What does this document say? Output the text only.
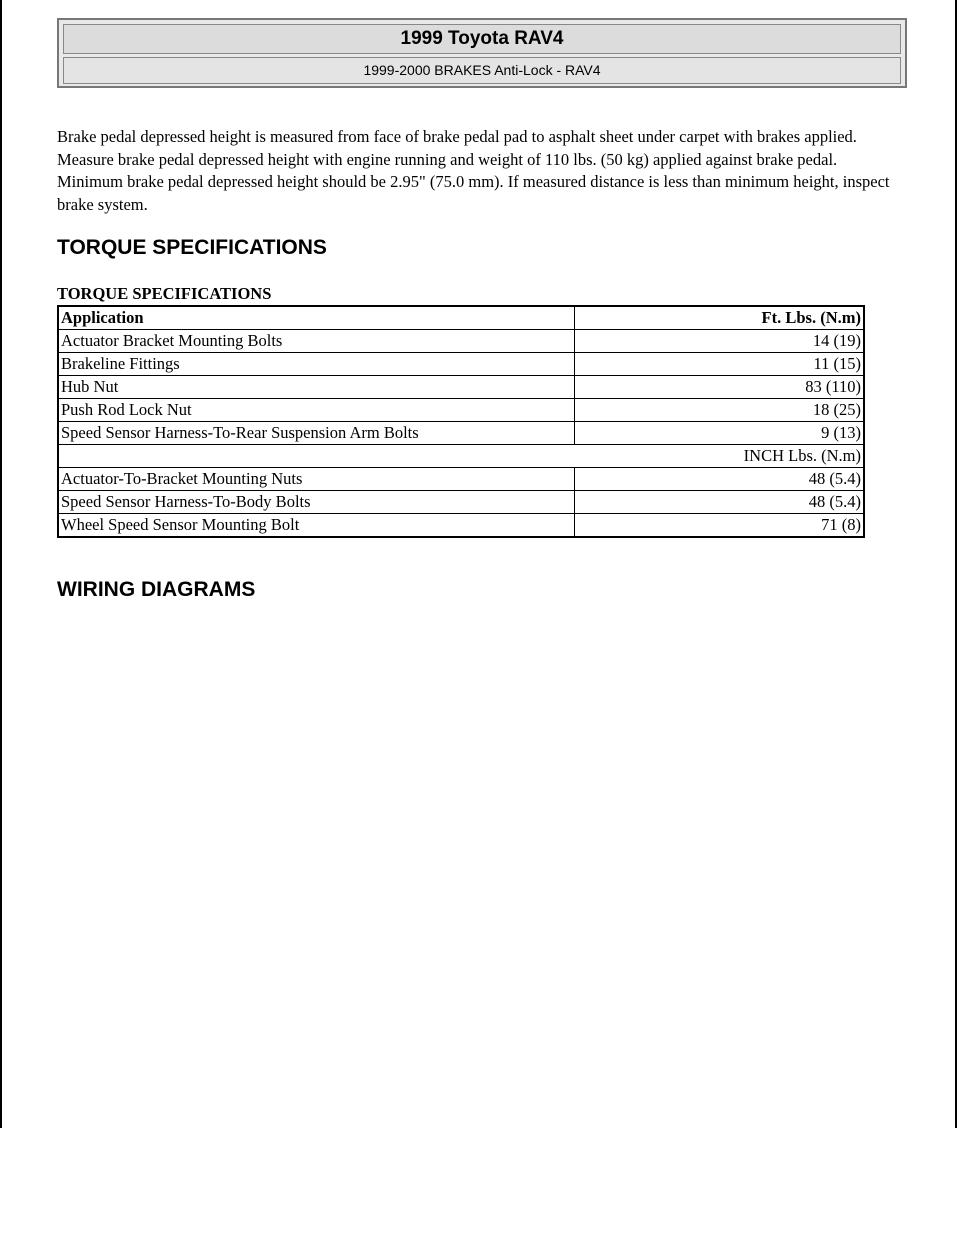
1999 Toyota RAV4
1999-2000 BRAKES Anti-Lock - RAV4

Brake pedal depressed height is measured from face of brake pedal pad to asphalt sheet under carpet with brakes applied. Measure brake pedal depressed height with engine running and weight of 110 lbs. (50 kg) applied against brake pedal. Minimum brake pedal depressed height should be 2.95" (75.0 mm). If measured distance is less than minimum height, inspect brake system.

TORQUE SPECIFICATIONS
TORQUE SPECIFICATIONS
Application	Ft. Lbs. (N.m)
Actuator Bracket Mounting Bolts	14 (19)
Brakeline Fittings	11 (15)
Hub Nut	83 (110)
Push Rod Lock Nut	18 (25)
Speed Sensor Harness-To-Rear Suspension Arm Bolts	9 (13)
INCH Lbs. (N.m)	
Actuator-To-Bracket Mounting Nuts	48 (5.4)
Speed Sensor Harness-To-Body Bolts	48 (5.4)
Wheel Speed Sensor Mounting Bolt	71 (8)
WIRING DIAGRAMS
